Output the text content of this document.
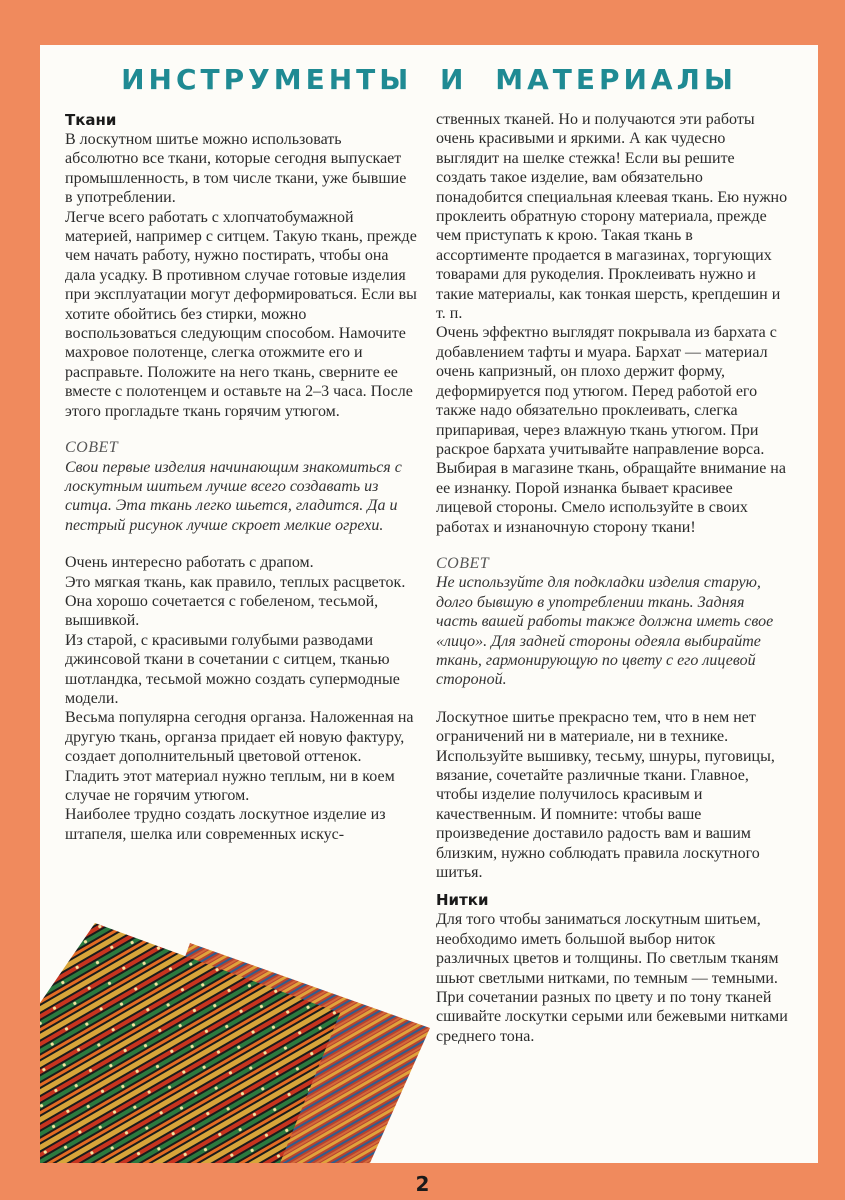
ИНСТРУМЕНТЫ И МАТЕРИАЛЫ
Ткани

В лоскутном шитье можно использовать абсолютно все ткани, которые сегодня выпускает промышленность, в том числе ткани, уже бывшие в употреблении.

Легче всего работать с хлопчатобумажной материей, например с ситцем. Такую ткань, прежде чем начать работу, нужно постирать, чтобы она дала усадку. В противном случае готовые изделия при эксплуатации могут деформироваться. Если вы хотите обойтись без стирки, можно воспользоваться следующим способом. Намочите махровое полотенце, слегка отожмите его и расправьте. Положите на него ткань, сверните ее вместе с полотенцем и оставьте на 2–3 часа. После этого прогладьте ткань горячим утюгом.

СОВЕТ

Свои первые изделия начинающим знакомиться с лоскутным шитьем лучше всего создавать из ситца. Эта ткань легко шьется, гладится. Да и пестрый рисунок лучше скроет мелкие огрехи.

Очень интересно работать с драпом.

Это мягкая ткань, как правило, теплых расцветок. Она хорошо сочетается с гобеленом, тесьмой, вышивкой.

Из старой, с красивыми голубыми разводами джинсовой ткани в сочетании с ситцем, тканью шотландка, тесьмой можно создать супермодные модели.

Весьма популярна сегодня органза. Наложенная на другую ткань, органза придает ей новую фактуру, создает дополнительный цветовой оттенок. Гладить этот материал нужно теплым, ни в коем случае не горячим утюгом.

Наиболее трудно создать лоскутное изделие из штапеля, шелка или современных искус-

ственных тканей. Но и получаются эти работы очень красивыми и яркими. А как чудесно выглядит на шелке стежка! Если вы решите создать такое изделие, вам обязательно понадобится специальная клеевая ткань. Ею нужно проклеить обратную сторону материала, прежде чем приступать к крою. Такая ткань в ассортименте продается в магазинах, торгующих товарами для рукоделия. Проклеивать нужно и такие материалы, как тонкая шерсть, крепдешин и т. п.

Очень эффектно выглядят покрывала из бархата с добавлением тафты и муара. Бархат — материал очень капризный, он плохо держит форму, деформируется под утюгом. Перед работой его также надо обязательно проклеивать, слегка припаривая, через влажную ткань утюгом. При раскрое бархата учитывайте направление ворса.

Выбирая в магазине ткань, обращайте внимание на ее изнанку. Порой изнанка бывает красивее лицевой стороны. Смело используйте в своих работах и изнаночную сторону ткани!

СОВЕТ

Не используйте для подкладки изделия старую, долго бывшую в употреблении ткань. Задняя часть вашей работы также должна иметь свое «лицо». Для задней стороны одеяла выбирайте ткань, гармонирующую по цвету с его лицевой стороной.

Лоскутное шитье прекрасно тем, что в нем нет ограничений ни в материале, ни в технике. Используйте вышивку, тесьму, шнуры, пуговицы, вязание, сочетайте различные ткани. Главное, чтобы изделие получилось красивым и качественным. И помните: чтобы ваше произведение доставило радость вам и вашим близким, нужно соблюдать правила лоскутного шитья.

Нитки

Для того чтобы заниматься лоскутным шитьем, необходимо иметь большой выбор ниток различных цветов и толщины. По светлым тканям шьют светлыми нитками, по темным — темными. При сочетании разных по цвету и по тону тканей сшивайте лоскутки серыми или бежевыми нитками среднего тона.

2
